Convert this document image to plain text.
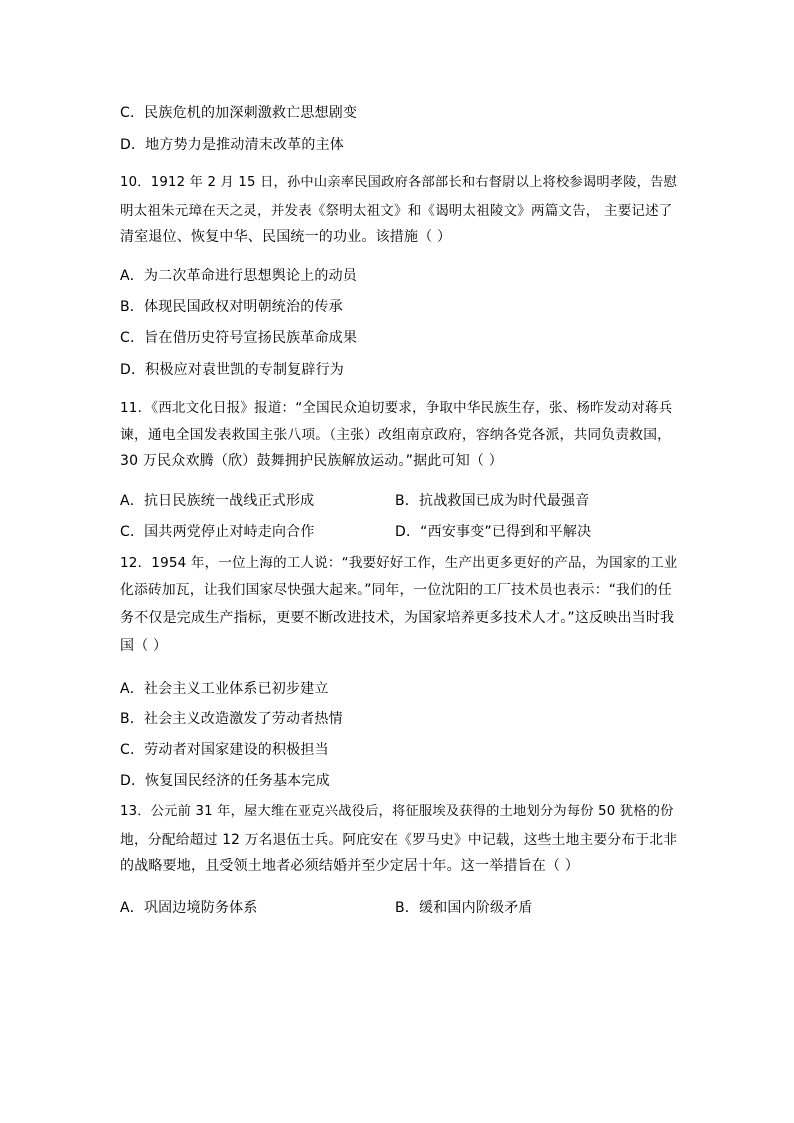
C．民族危机的加深刺激救亡思想剧变
D．地方势力是推动清末改革的主体
10．1912 年 2 月 15 日，孙中山亲率民国政府各部部长和右督尉以上将校参谒明孝陵，告慰
明太祖朱元璋在天之灵，并发表《祭明太祖文》和《谒明太祖陵文》两篇文告， 主要记述了
清室退位、恢复中华、民国统一的功业。该措施（ ）
A．为二次革命进行思想舆论上的动员
B．体现民国政权对明朝统治的传承
C．旨在借历史符号宣扬民族革命成果
D．积极应对袁世凯的专制复辟行为
11．《西北文化日报》报道：“全国民众迫切要求，争取中华民族生存，张、杨昨发动对蒋兵
谏，通电全国发表救国主张八项。（主张）改组南京政府，容纳各党各派，共同负责救国，
30 万民众欢腾（欣）鼓舞拥护民族解放运动。”据此可知（ ）
A．抗日民族统一战线正式形成	B．抗战救国已成为时代最强音
C．国共两党停止对峙走向合作	D．“西安事变”已得到和平解决
12．1954 年，一位上海的工人说：“我要好好工作，生产出更多更好的产品，为国家的工业
化添砖加瓦，让我们国家尽快强大起来。”同年，一位沈阳的工厂技术员也表示：“我们的任
务不仅是完成生产指标，更要不断改进技术，为国家培养更多技术人才。”这反映出当时我
国（ ）
A．社会主义工业体系已初步建立
B．社会主义改造激发了劳动者热情
C．劳动者对国家建设的积极担当
D．恢复国民经济的任务基本完成
13．公元前 31 年，屋大维在亚克兴战役后，将征服埃及获得的土地划分为每份 50 犹格的份
地，分配给超过 12 万名退伍士兵。阿庇安在《罗马史》中记载，这些土地主要分布于北非
的战略要地，且受领土地者必须结婚并至少定居十年。这一举措旨在（ ）
A．巩固边境防务体系	B．缓和国内阶级矛盾
